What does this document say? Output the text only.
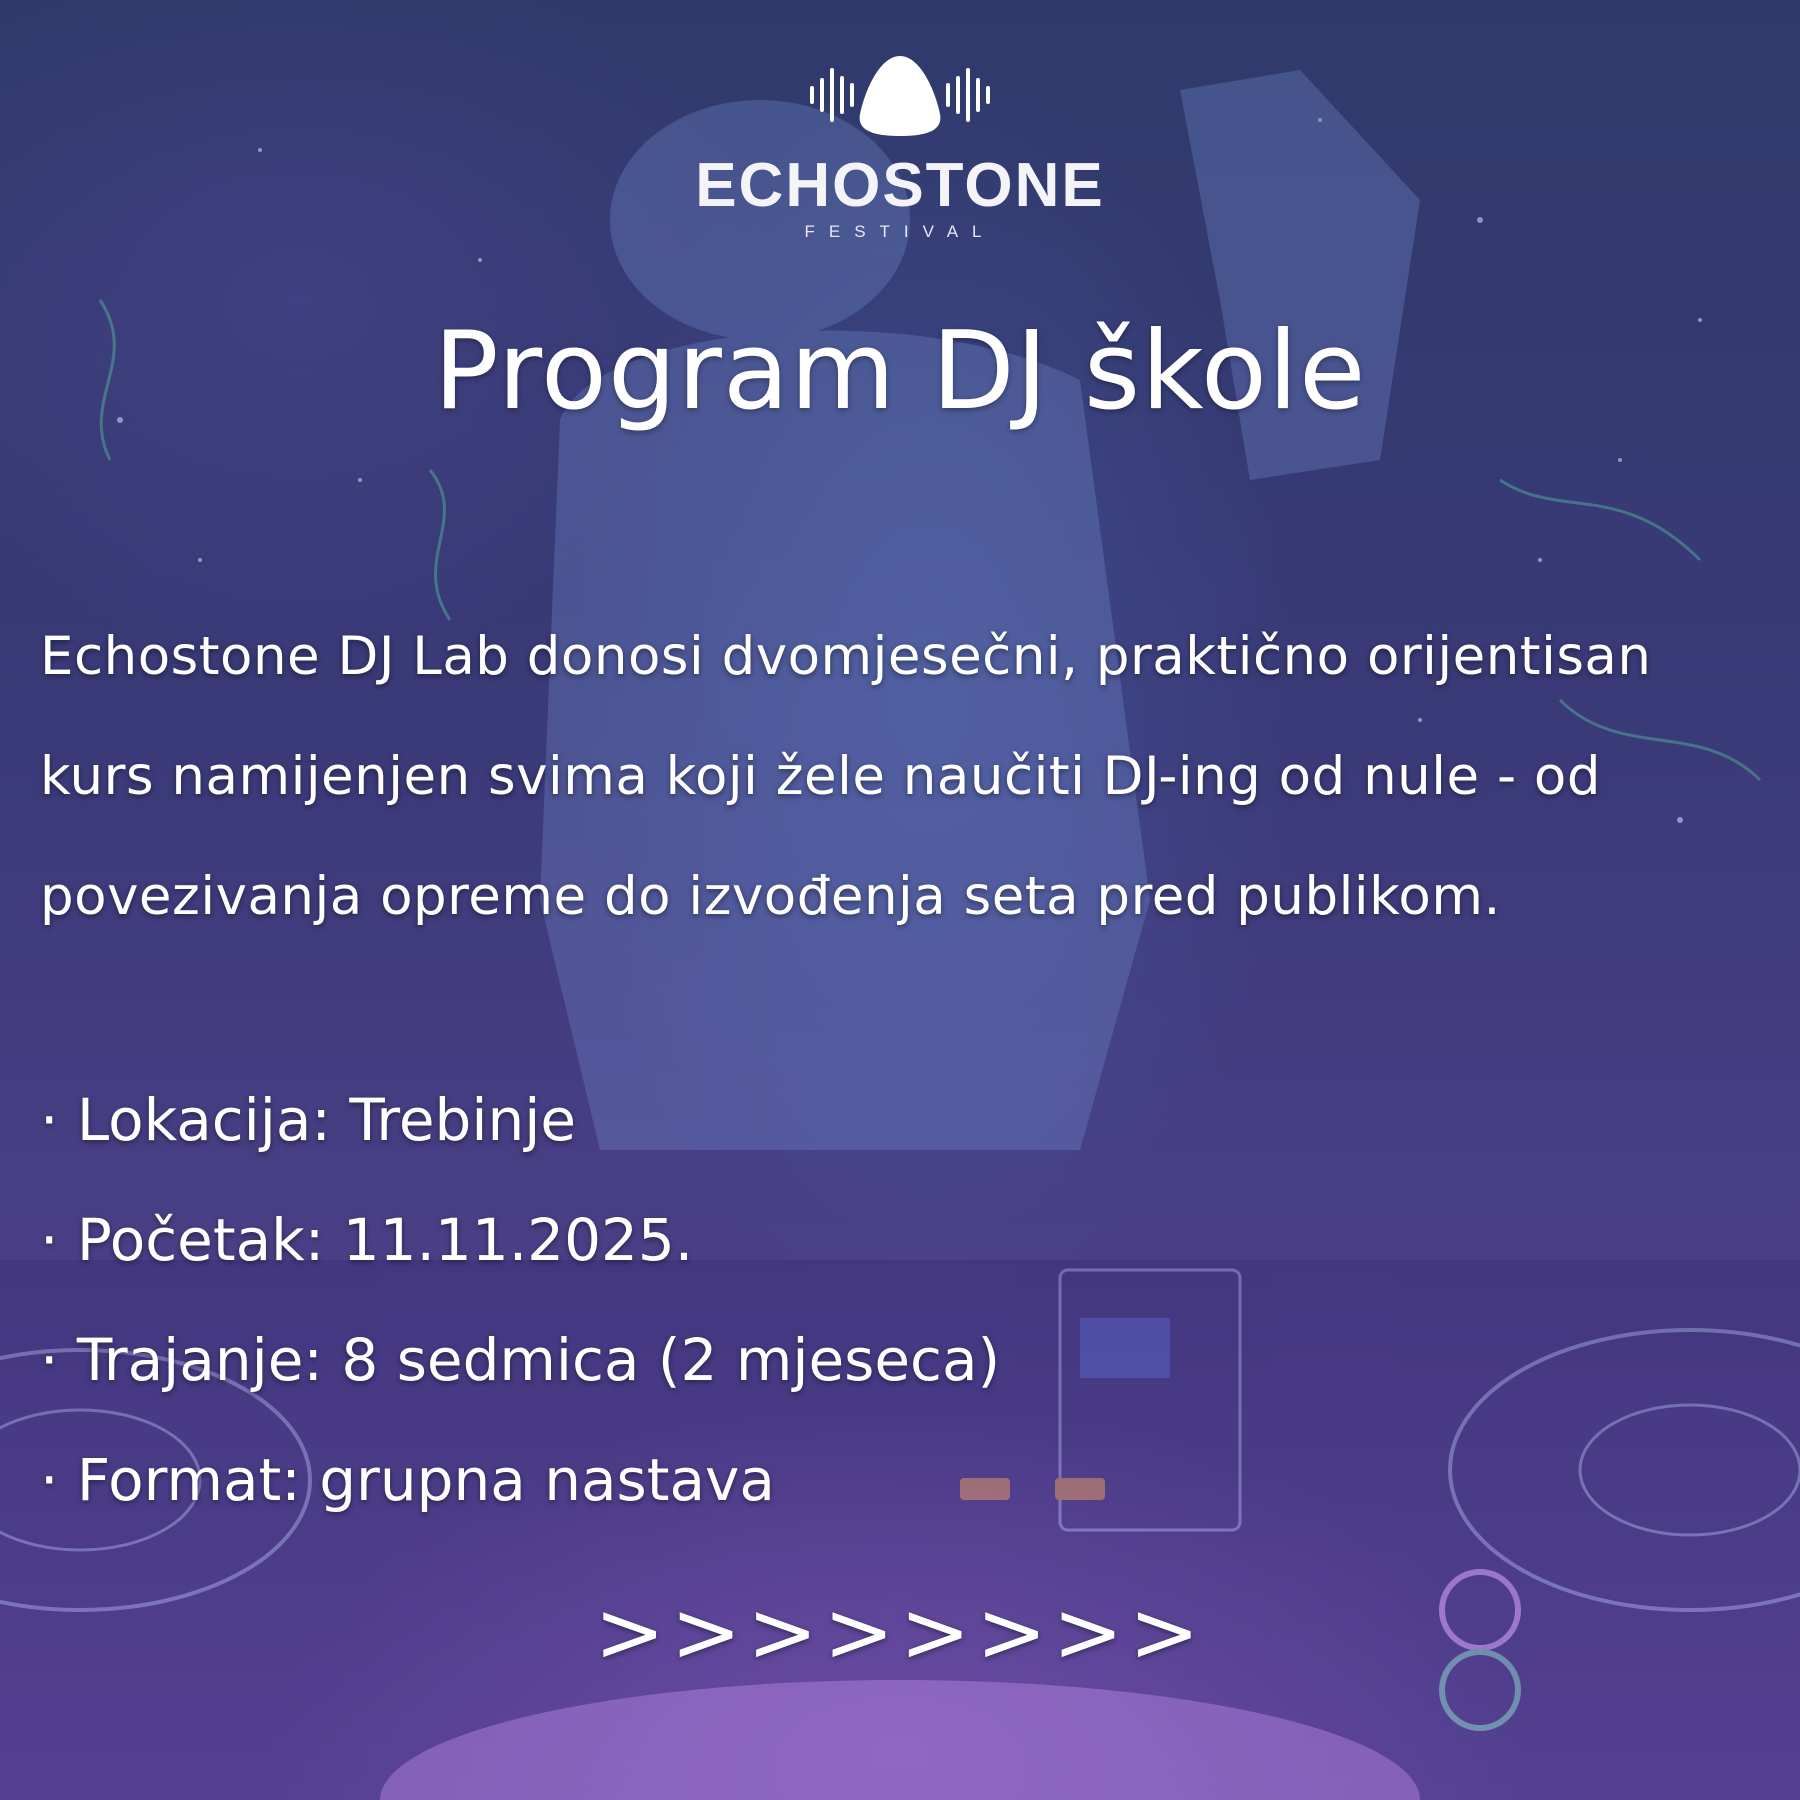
ECHOSTONE
FESTIVAL
Program DJ škole
Echostone DJ Lab donosi dvomjesečni, praktično orijentisan kurs namijenjen svima koji žele naučiti DJ-ing od nule - od povezivanja opreme do izvođenja seta pred publikom.
· Lokacija: Trebinje
· Početak: 11.11.2025.
· Trajanje: 8 sedmica (2 mjeseca)
· Format: grupna nastava
>>>>>>>>
